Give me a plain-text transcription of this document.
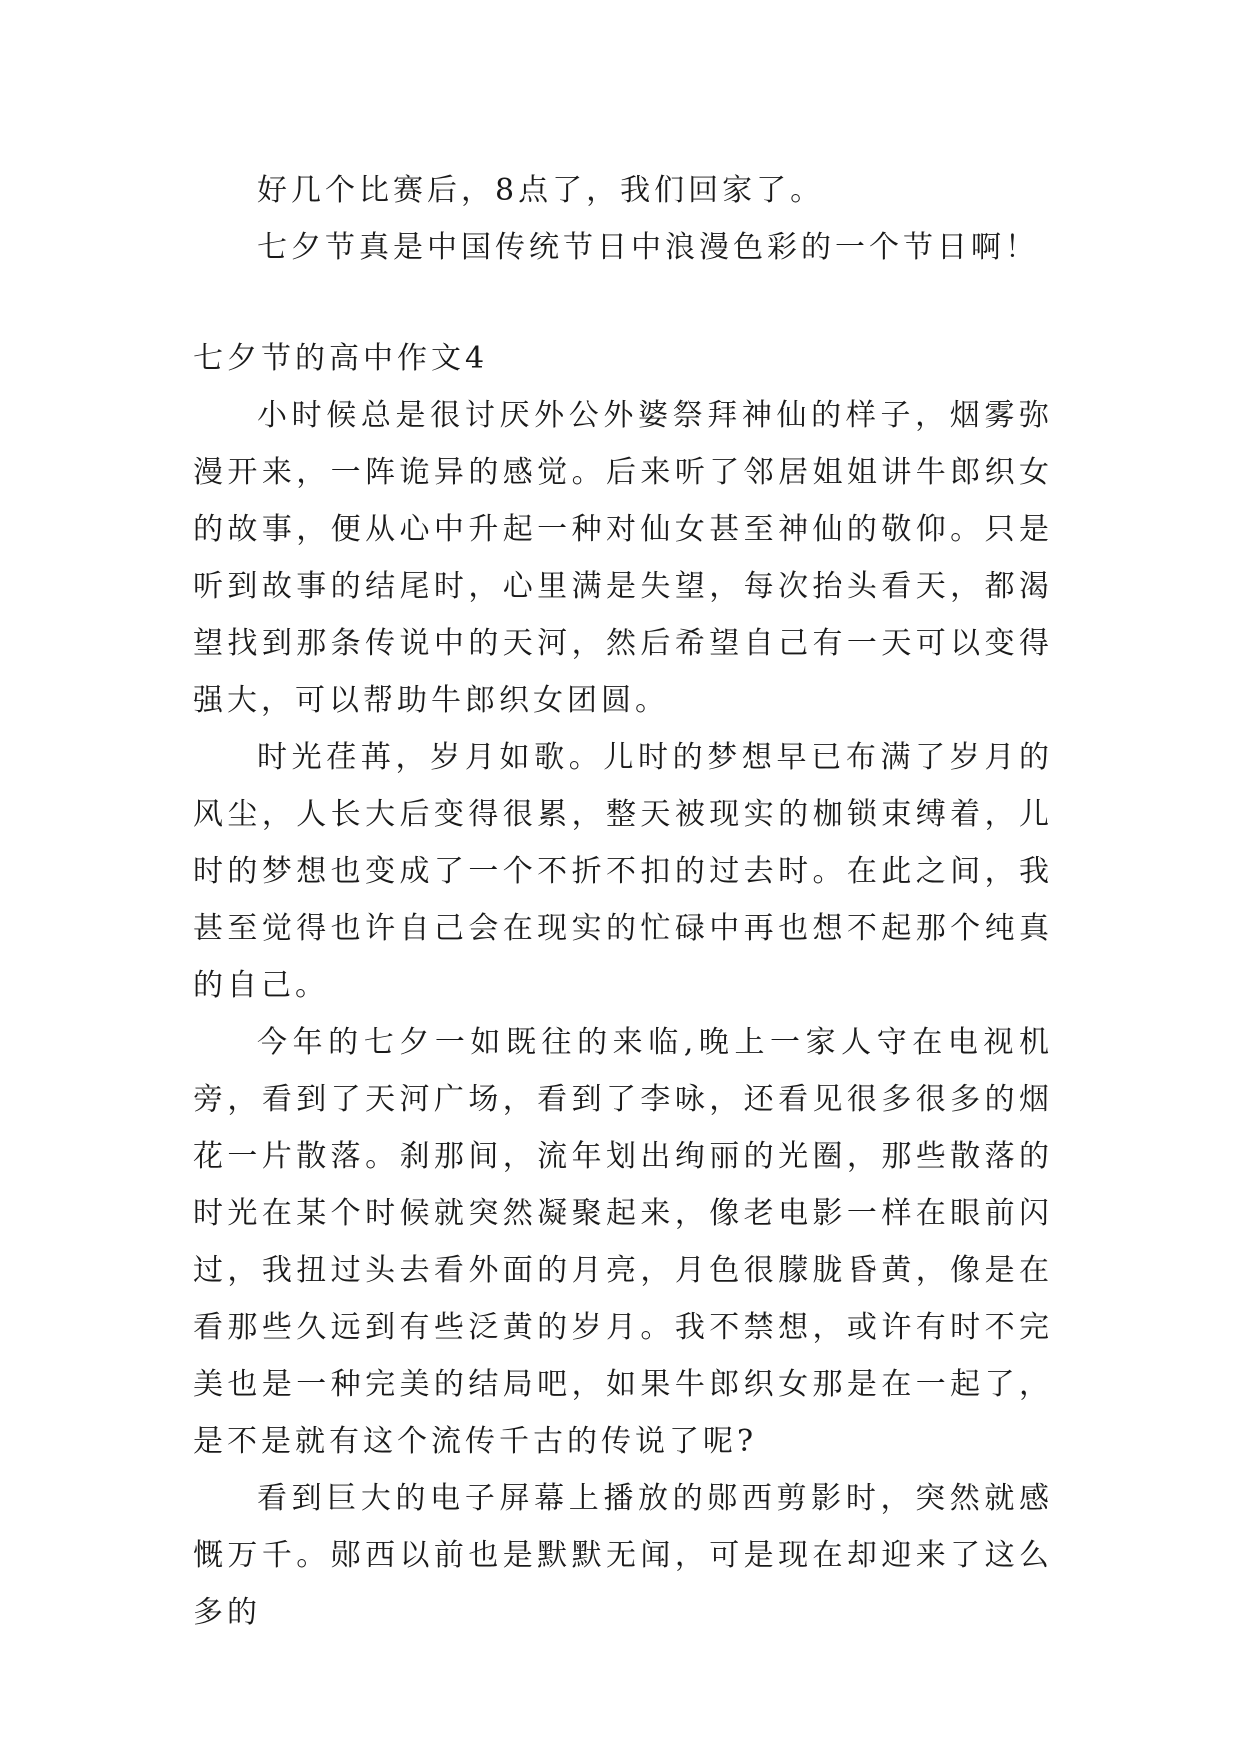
好几个比赛后，8点了，我们回家了。

七夕节真是中国传统节日中浪漫色彩的一个节日啊！

七夕节的高中作文4

小时候总是很讨厌外公外婆祭拜神仙的样子，烟雾弥漫开来，一阵诡异的感觉。后来听了邻居姐姐讲牛郎织女的故事，便从心中升起一种对仙女甚至神仙的敬仰。只是听到故事的结尾时，心里满是失望，每次抬头看天，都渴望找到那条传说中的天河，然后希望自己有一天可以变得强大，可以帮助牛郎织女团圆。

时光荏苒，岁月如歌。儿时的梦想早已布满了岁月的风尘，人长大后变得很累，整天被现实的枷锁束缚着，儿时的梦想也变成了一个不折不扣的过去时。在此之间，我甚至觉得也许自己会在现实的忙碌中再也想不起那个纯真的自己。

今年的七夕一如既往的来临,晚上一家人守在电视机旁，看到了天河广场，看到了李咏，还看见很多很多的烟花一片散落。刹那间，流年划出绚丽的光圈，那些散落的时光在某个时候就突然凝聚起来，像老电影一样在眼前闪过，我扭过头去看外面的月亮，月色很朦胧昏黄，像是在看那些久远到有些泛黄的岁月。我不禁想，或许有时不完美也是一种完美的结局吧，如果牛郎织女那是在一起了，是不是就有这个流传千古的传说了呢?

看到巨大的电子屏幕上播放的郧西剪影时，突然就感慨万千。郧西以前也是默默无闻，可是现在却迎来了这么多的
